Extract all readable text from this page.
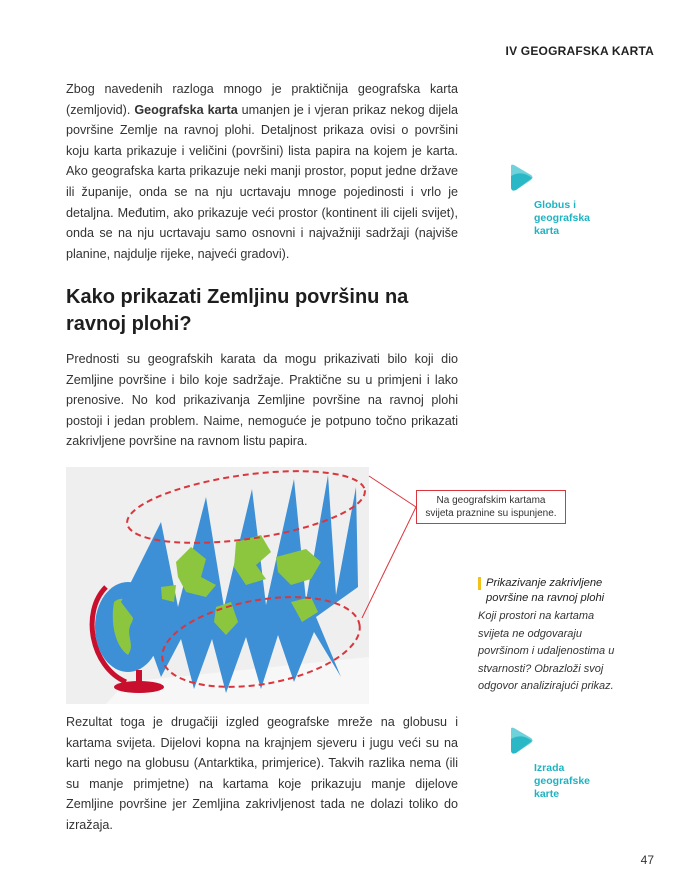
IV GEOGRAFSKA KARTA

Zbog navedenih razloga mnogo je praktičnija geografska karta (zemljovid). Geografska karta umanjen je i vjeran prikaz nekog dijela površine Zemlje na ravnoj plohi. Detaljnost prikaza ovisi o površini koju karta prikazuje i veličini (površini) lista papira na kojem je karta. Ako geografska karta prikazuje neki manji prostor, poput jedne države ili županije, onda se na nju ucrtavaju mnoge pojedinosti i vrlo je detaljna. Međutim, ako prikazuje veći prostor (kontinent ili cijeli svijet), onda se na nju ucrtavaju samo osnovni i najvažniji sadržaji (najviše planine, najdulje rijeke, najveći gradovi).

Kako prikazati Zemljinu površinu na ravnoj plohi?

Prednosti su geografskih karata da mogu prikazivati bilo koji dio Zemljine površine i bilo koje sadržaje. Praktične su u primjeni i lako prenosive. No kod prikazivanja Zemljine površine na ravnoj plohi postoji i jedan problem. Naime, nemoguće je potpuno točno prikazati zakrivljene površine na ravnom listu papira.

Na geografskim kartama svijeta praznine su ispunjene.
Globus i
geografska karta

Prikazivanje zakrivljene
površine na ravnoj plohi

Koji prostori na kartama svijeta ne odgovaraju površinom i udaljenostima u stvarnosti? Obrazloži svoj odgovor analizirajući prikaz.

Rezultat toga je drugačiji izgled geografske mreže na globusu i kartama svijeta. Dijelovi kopna na krajnjem sjeveru i jugu veći su na karti nego na globusu (Antarktika, primjerice). Takvih razlika nema (ili su manje primjetne) na kartama koje prikazuju manje dijelove Zemljine površine jer Zemljina zakrivljenost tada ne dolazi toliko do izražaja.

Izrada
geografske karte
47
